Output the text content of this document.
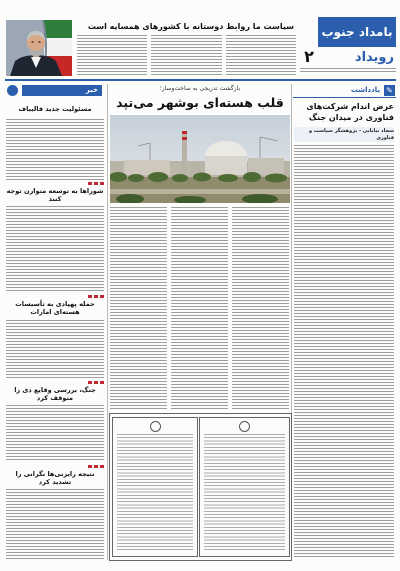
بامداد جنوب
رویداد
۲
سیاست ما روابط دوستانه با کشورهای همسایه است
✎
یادداشت
عرض اندام شرکت‌های فناوری در میدان جنگ
سجاد بیابانی - پژوهشگر سیاست و فناوری
بازگشت تدریجی به ساخت‌وساز؛
قلب هسته‌ای بوشهر می‌تپد
خبر
مسئولیت جدید قالیباف
شوراها به توسعه متوازن توجه کنند
حمله پهپادی به تأسیسات هسته‌ای امارات
جنگ، بررسی وقایع دی را متوقف کرد
نتیجه رایزنی‌ها نگرانی را تشدید کرد
